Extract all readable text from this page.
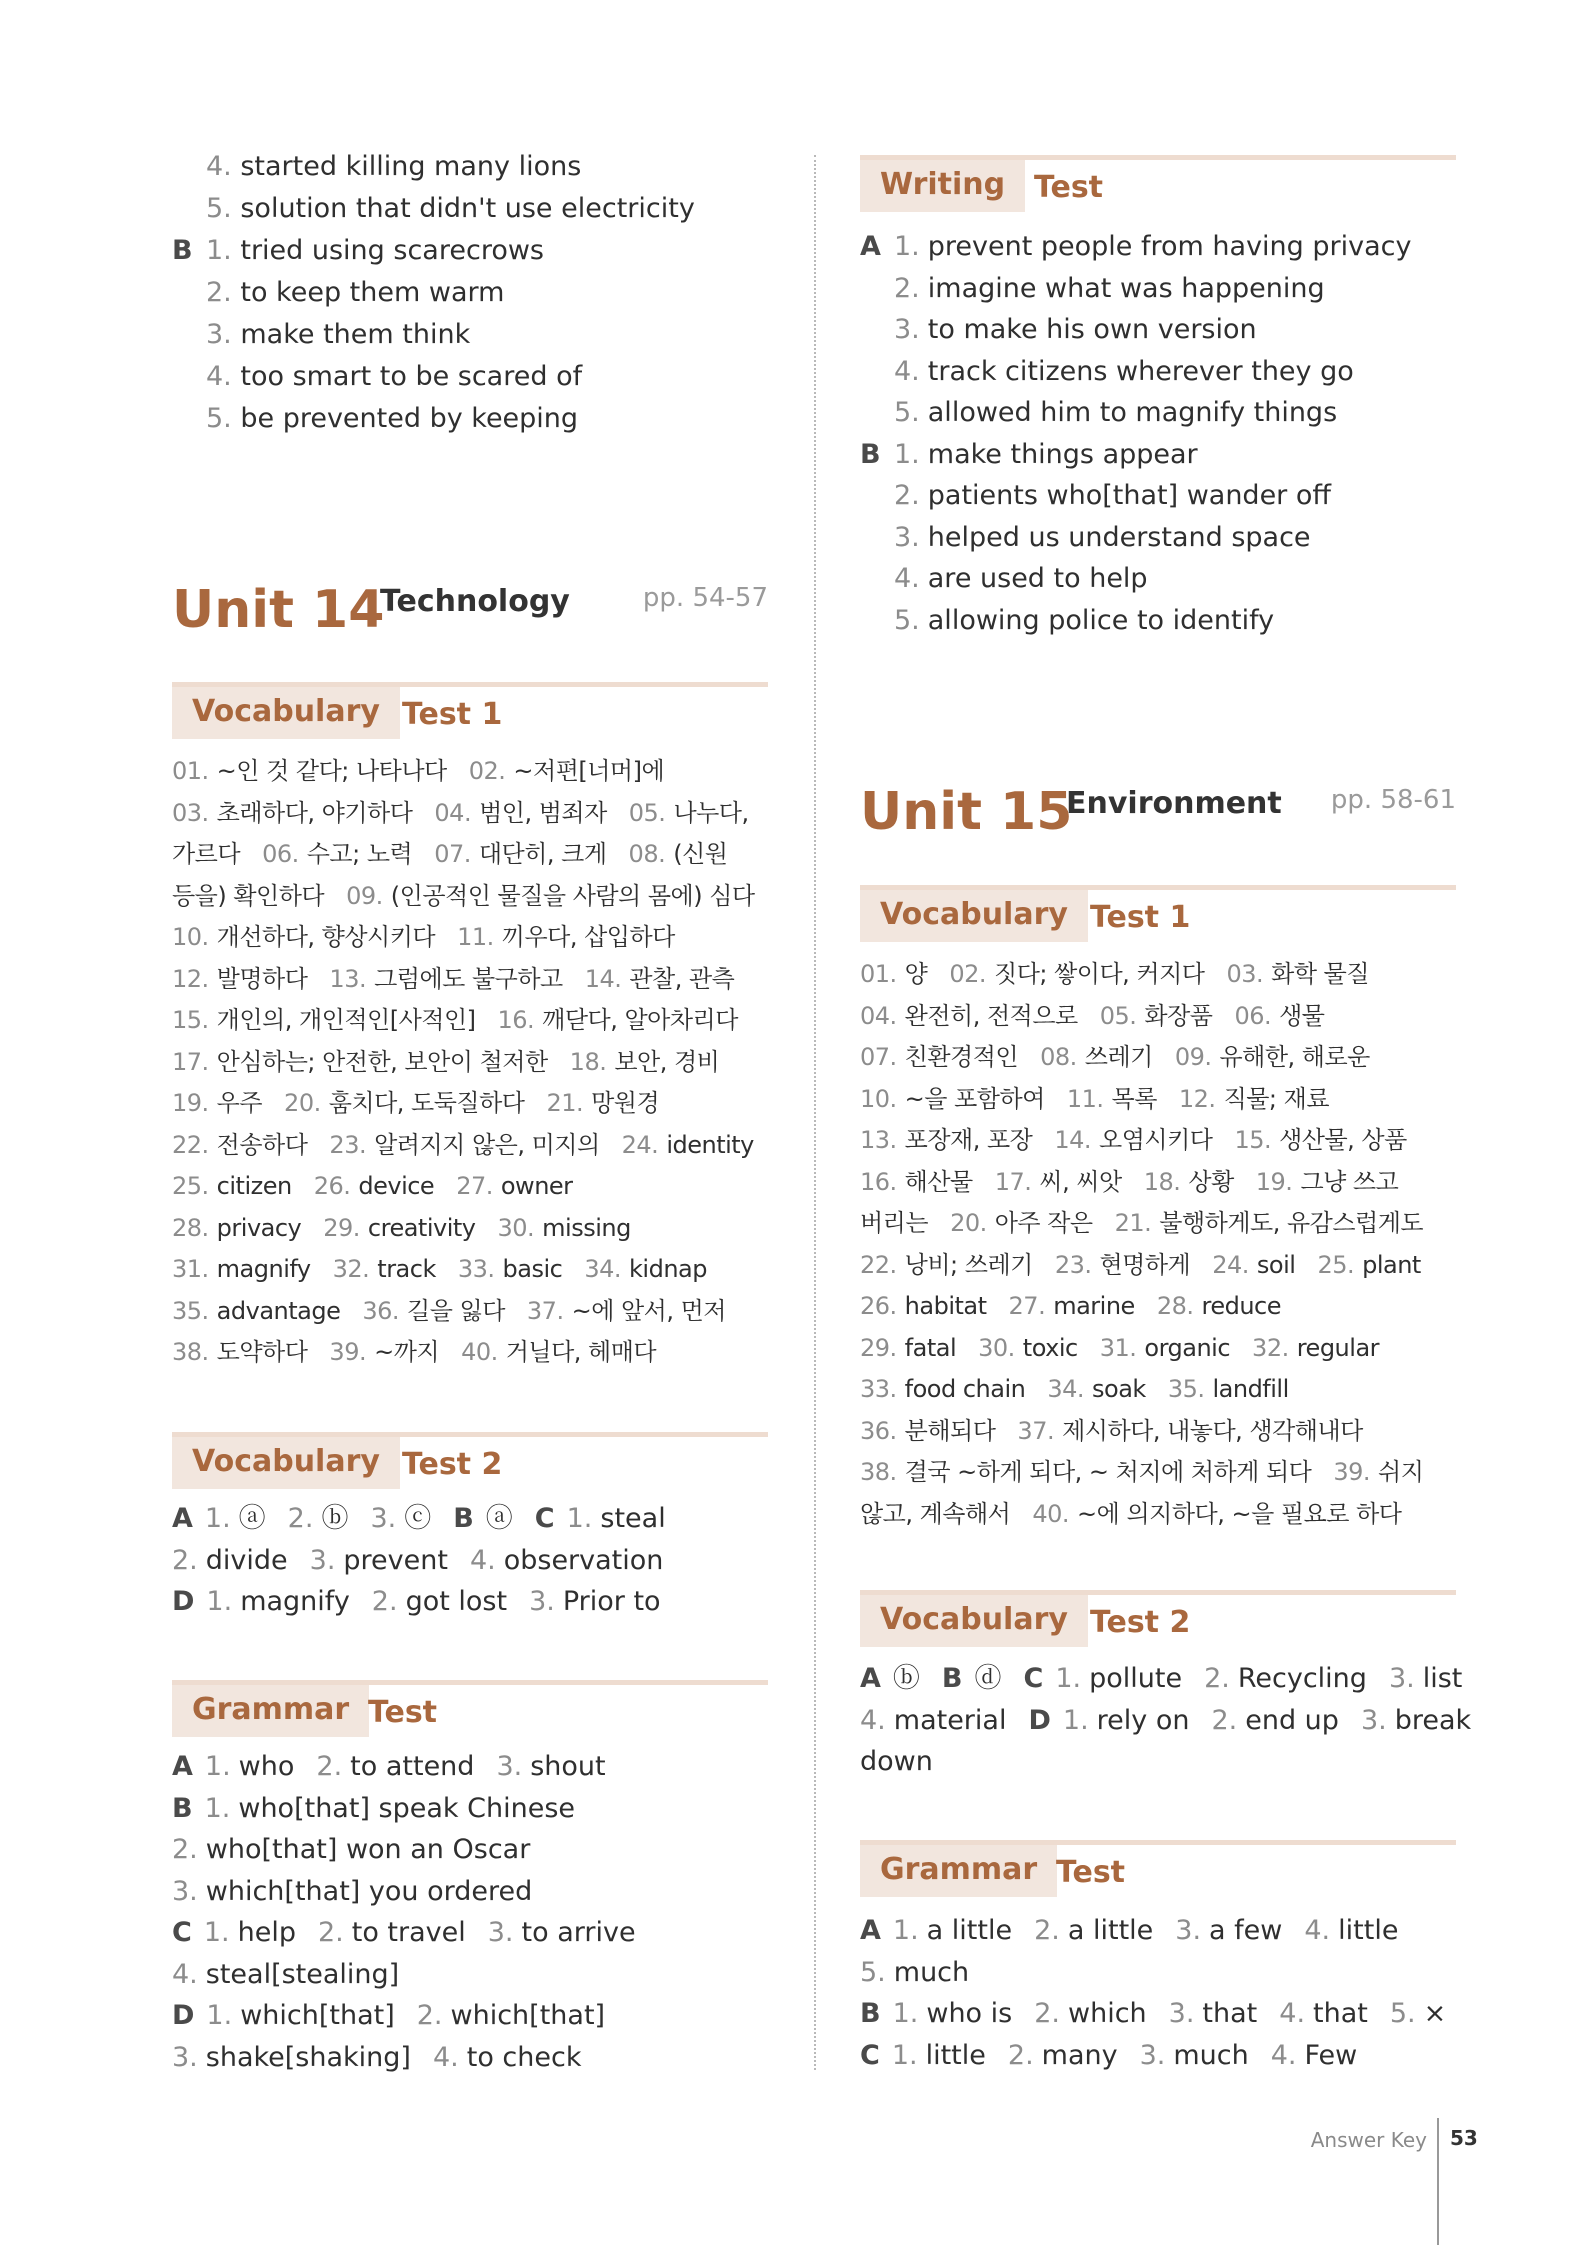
4. started killing many lions
5. solution that didn't use electricity
B 1. tried using scarecrows
2. to keep them warm
3. make them think
4. too smart to be scared of
5. be prevented by keeping
Unit 14
Technology	pp. 54-57
Vocabulary Test 1
01. ~인 것 같다; 나타나다 02. ~저편[너머]에
03. 초래하다, 야기하다 04. 범인, 범죄자 05. 나누다,
가르다 06. 수고; 노력 07. 대단히, 크게 08. (신원
등을) 확인하다 09. (인공적인 물질을 사람의 몸에) 심다
10. 개선하다, 향상시키다 11. 끼우다, 삽입하다
12. 발명하다 13. 그럼에도 불구하고 14. 관찰, 관측
15. 개인의, 개인적인[사적인] 16. 깨닫다, 알아차리다
17. 안심하는; 안전한, 보안이 철저한 18. 보안, 경비
19. 우주 20. 훔치다, 도둑질하다 21. 망원경
22. 전송하다 23. 알려지지 않은, 미지의 24. identity
25. citizen 26. device 27. owner
28. privacy 29. creativity 30. missing
31. magnify 32. track 33. basic 34. kidnap
35. advantage 36. 길을 잃다 37. ~에 앞서, 먼저
38. 도약하다 39. ~까지 40. 거닐다, 헤매다
Vocabulary Test 2
A 1. ⓐ 2. ⓑ 3. ⓒ B ⓐ C 1. steal
2. divide 3. prevent 4. observation
D 1. magnify 2. got lost 3. Prior to
Grammar Test
A 1. who 2. to attend 3. shout
B 1. who[that] speak Chinese
2. who[that] won an Oscar
3. which[that] you ordered
C 1. help 2. to travel 3. to arrive
4. steal[stealing]
D 1. which[that] 2. which[that]
3. shake[shaking] 4. to check
Writing Test
A 1. prevent people from having privacy
2. imagine what was happening
3. to make his own version
4. track citizens wherever they go
5. allowed him to magnify things
B 1. make things appear
2. patients who[that] wander off
3. helped us understand space
4. are used to help
5. allowing police to identify
Unit 15
Environment pp. 58-61
Vocabulary Test 1
01. 양 02. 짓다; 쌓이다, 커지다 03. 화학 물질
04. 완전히, 전적으로 05. 화장품 06. 생물
07. 친환경적인 08. 쓰레기 09. 유해한, 해로운
10. ~을 포함하여 11. 목록 12. 직물; 재료
13. 포장재, 포장 14. 오염시키다 15. 생산물, 상품
16. 해산물 17. 씨, 씨앗 18. 상황 19. 그냥 쓰고
버리는 20. 아주 작은 21. 불행하게도, 유감스럽게도
22. 낭비; 쓰레기 23. 현명하게 24. soil 25. plant
26. habitat 27. marine 28. reduce
29. fatal 30. toxic 31. organic 32. regular
33. food chain 34. soak 35. landfill
36. 분해되다 37. 제시하다, 내놓다, 생각해내다
38. 결국 ~하게 되다, ~ 처지에 처하게 되다 39. 쉬지
않고, 계속해서 40. ~에 의지하다, ~을 필요로 하다
Vocabulary Test 2
A ⓑ B ⓓ C 1. pollute 2. Recycling 3. list
4. material D 1. rely on 2. end up 3. break
down
Grammar Test
A 1. a little 2. a little 3. a few 4. little
5. much
B 1. who is 2. which 3. that 4. that 5. ×
C 1. little 2. many 3. much 4. Few
Answer Key 53
